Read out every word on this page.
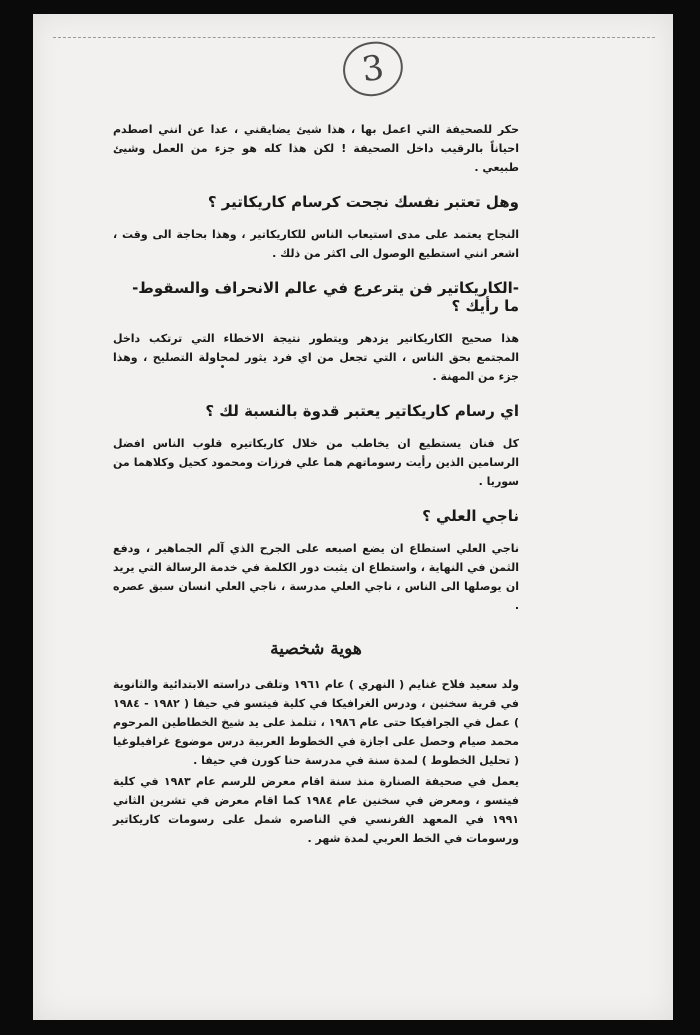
3

حكر للصحيفة التي اعمل بها ، هذا شيئ يضايقني ، عدا عن انني اصطدم احياناً بالرقيب داخل الصحيفة ! لكن هذا كله هو جزء من العمل وشيئ طبيعي .

وهل تعتبر نفسك نجحت كرسام كاريكاتير ؟

النجاح يعتمد على مدى استيعاب الناس للكاريكاتير ، وهذا بحاجة الى وقت ، اشعر انني استطيع الوصول الى اكثر من ذلك .

-الكاريكاتير فن يترعرع في عالم الانحراف والسقوط- ما رأيك ؟

هذا صحيح الكاريكاتير يزدهر ويتطور نتيجة الاخطاء التي ترتكب داخل المجتمع بحق الناس ، التي تجعل من اي فرد يثور لمحاولة التصليح ، وهذا جزء من المهنة .

اي رسام كاريكاتير يعتبر قدوة بالنسبة لك ؟

كل فنان يستطيع ان يخاطب من خلال كاريكاتيره قلوب الناس افضل الرسامين الذين رأيت رسوماتهم هما علي فرزات ومحمود كحيل وكلاهما من سوريا .

ناجي العلي ؟

ناجي العلي استطاع ان يضع اصبعه على الجرح الذي آلم الجماهير ، ودفع الثمن في النهاية ، واستطاع ان يثبت دور الكلمة في خدمة الرسالة التي يريد ان يوصلها الى الناس ، ناجي العلي مدرسة ، ناجي العلي انسان سبق عصره .

هوية شخصية

ولد سعيد فلاح غنايم ( النهري ) عام ١٩٦١ وتلقى دراسته الابتدائية والثانوية في قرية سخنين ، ودرس الغرافيكا في كلية فيتسو في حيفا ( ١٩٨٢ - ١٩٨٤ ) عمل في الجرافيكا حتى عام ١٩٨٦ ، تتلمذ على يد شيخ الخطاطين المرحوم محمد صيام وحصل على اجازة في الخطوط العربية درس موضوع غرافيلوغيا ( تحليل الخطوط ) لمدة سنة في مدرسة حنا كورن في حيفا .

يعمل في صحيفة الصنارة منذ سنة اقام معرض للرسم عام ١٩٨٣ في كلية فيتسو ، ومعرض في سخنين عام ١٩٨٤ كما اقام معرض في تشرين الثاني ١٩٩١ في المعهد الفرنسي في الناصره شمل على رسومات كاريكاتير ورسومات في الخط العربي لمدة شهر .
